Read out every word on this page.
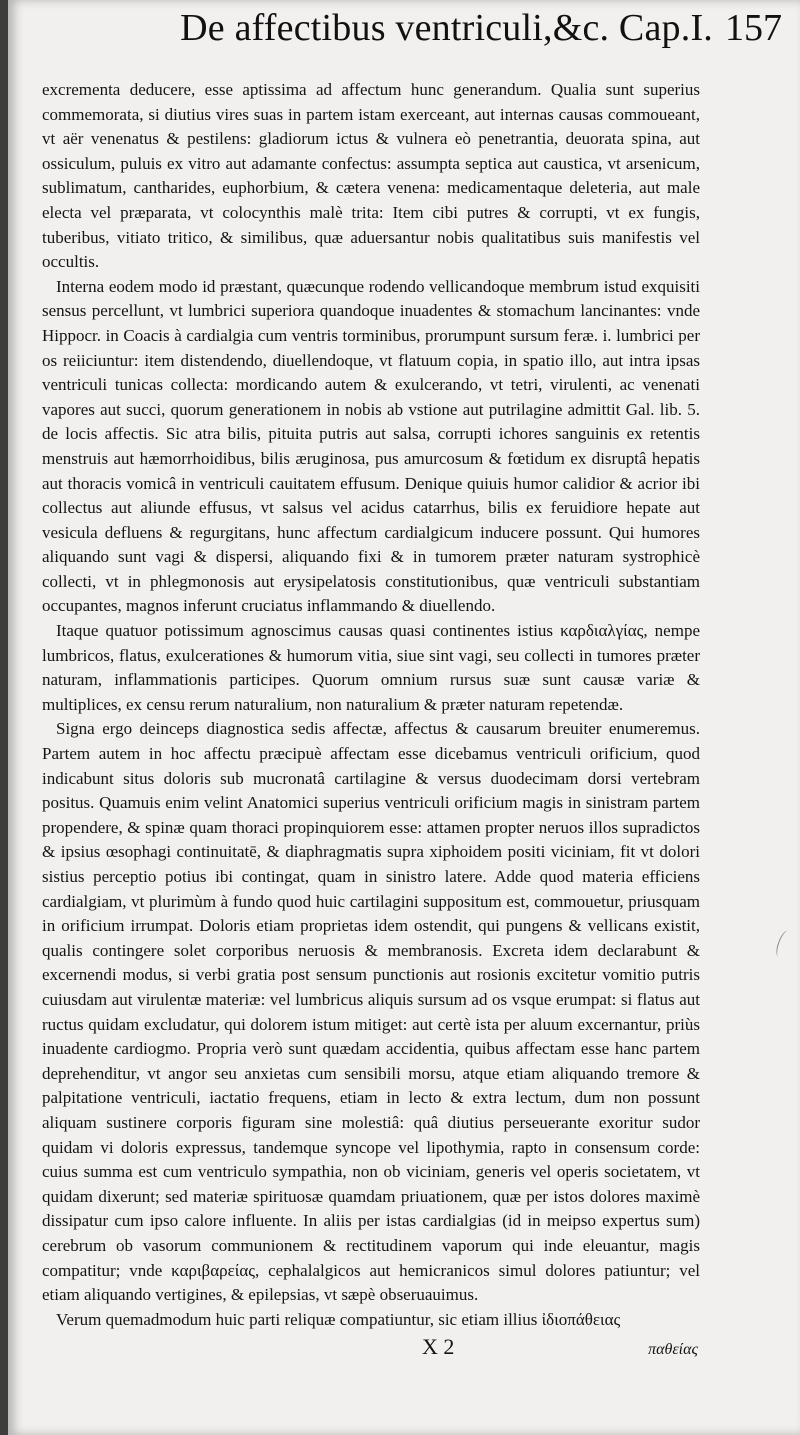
De affectibus ventriculi,&c. Cap.I. 157

excrementa deducere, esse aptissima ad affectum hunc generandum. Qualia sunt superius commemorata, si diutius vires suas in partem istam exerceant, aut internas causas commoueant, vt aër venenatus & pestilens: gladiorum ictus & vulnera eò penetrantia, deuorata spina, aut ossiculum, puluis ex vitro aut adamante confectus: assumpta septica aut caustica, vt arsenicum, sublimatum, cantharides, euphorbium, & cætera venena: medicamentaque deleteria, aut male electa vel præparata, vt colocynthis malè trita: Item cibi putres & corrupti, vt ex fungis, tuberibus, vitiato tritico, & similibus, quæ aduersantur nobis qualitatibus suis manifestis vel occultis.

Interna eodem modo id præstant, quæcunque rodendo vellicandoque membrum istud exquisiti sensus percellunt, vt lumbrici superiora quandoque inuadentes & stomachum lancinantes: vnde Hippocr. in Coacis à cardialgia cum ventris torminibus, prorumpunt sursum feræ. i. lumbrici per os reiiciuntur: item distendendo, diuellendoque, vt flatuum copia, in spatio illo, aut intra ipsas ventriculi tunicas collecta: mordicando autem & exulcerando, vt tetri, virulenti, ac venenati vapores aut succi, quorum generationem in nobis ab vstione aut putrilagine admittit Gal. lib. 5. de locis affectis. Sic atra bilis, pituita putris aut salsa, corrupti ichores sanguinis ex retentis menstruis aut hæmorrhoidibus, bilis æruginosa, pus amurcosum & fœtidum ex disruptâ hepatis aut thoracis vomicâ in ventriculi cauitatem effusum. Denique quiuis humor calidior & acrior ibi collectus aut aliunde effusus, vt salsus vel acidus catarrhus, bilis ex feruidiore hepate aut vesicula defluens & regurgitans, hunc affectum cardialgicum inducere possunt. Qui humores aliquando sunt vagi & dispersi, aliquando fixi & in tumorem præter naturam systrophicè collecti, vt in phlegmonosis aut erysipelatosis constitutionibus, quæ ventriculi substantiam occupantes, magnos inferunt cruciatus inflammando & diuellendo.

Itaque quatuor potissimum agnoscimus causas quasi continentes istius καρδιαλγίας, nempe lumbricos, flatus, exulcerationes & humorum vitia, siue sint vagi, seu collecti in tumores præter naturam, inflammationis participes. Quorum omnium rursus suæ sunt causæ variæ & multiplices, ex censu rerum naturalium, non naturalium & præter naturam repetendæ.

Signa ergo deinceps diagnostica sedis affectæ, affectus & causarum breuiter enumeremus. Partem autem in hoc affectu præcipuè affectam esse dicebamus ventriculi orificium, quod indicabunt situs doloris sub mucronatâ cartilagine & versus duodecimam dorsi vertebram positus. Quamuis enim velint Anatomici superius ventriculi orificium magis in sinistram partem propendere, & spinæ quam thoraci propinquiorem esse: attamen propter neruos illos supradictos & ipsius œsophagi continuitatē, & diaphragmatis supra xiphoidem positi viciniam, fit vt dolori sistius perceptio potius ibi contingat, quam in sinistro latere. Adde quod materia efficiens cardialgiam, vt plurimùm à fundo quod huic cartilagini suppositum est, commouetur, priusquam in orificium irrumpat. Doloris etiam proprietas idem ostendit, qui pungens & vellicans existit, qualis contingere solet corporibus neruosis & membranosis. Excreta idem declarabunt & excernendi modus, si verbi gratia post sensum punctionis aut rosionis excitetur vomitio putris cuiusdam aut virulentæ materiæ: vel lumbricus aliquis sursum ad os vsque erumpat: si flatus aut ructus quidam excludatur, qui dolorem istum mitiget: aut certè ista per aluum excernantur, priùs inuadente cardiogmo. Propria verò sunt quædam accidentia, quibus affectam esse hanc partem deprehenditur, vt angor seu anxietas cum sensibili morsu, atque etiam aliquando tremore & palpitatione ventriculi, iactatio frequens, etiam in lecto & extra lectum, dum non possunt aliquam sustinere corporis figuram sine molestiâ: quâ diutius perseuerante exoritur sudor quidam vi doloris expressus, tandemque syncope vel lipothymia, rapto in consensum corde: cuius summa est cum ventriculo sympathia, non ob viciniam, generis vel operis societatem, vt quidam dixerunt; sed materiæ spirituosæ quamdam priuationem, quæ per istos dolores maximè dissipatur cum ipso calore influente. In aliis per istas cardialgias (id in meipso expertus sum) cerebrum ob vasorum communionem & rectitudinem vaporum qui inde eleuantur, magis compatitur; vnde καριβαρείας, cephalalgicos aut hemicranicos simul dolores patiuntur; vel etiam aliquando vertigines, & epilepsias, vt sæpè obseruauimus.

Verum quemadmodum huic parti reliquæ compatiuntur, sic etiam illius ἰδιοπάθειας

X 2	παθείας
